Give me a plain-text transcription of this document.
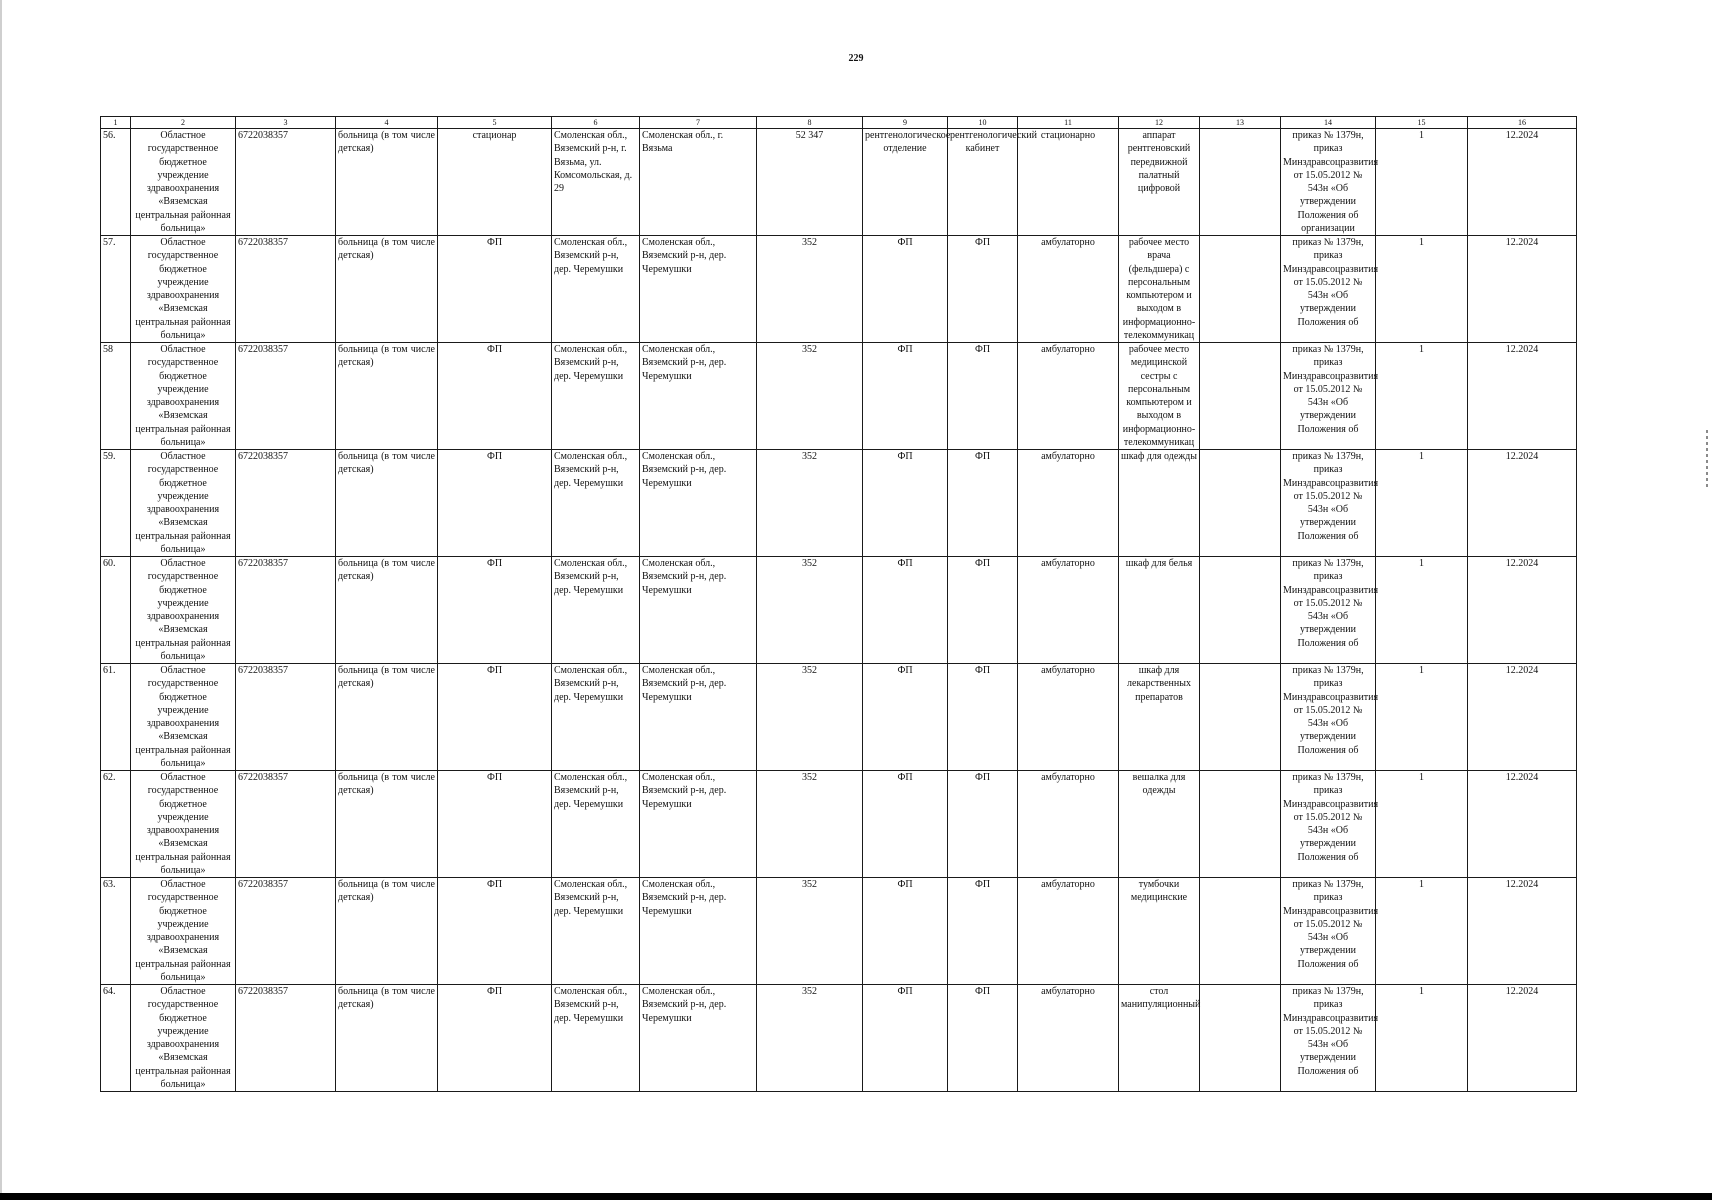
229
1	2	3	4	5	6	7	8	9	10	11	12	13	14	15	16

56.	Областное государственное бюджетное учреждение здравоохранения «Вяземская центральная районная больница»	6722038357	больница (в том числе детская)	стационар	Смоленская обл., Вяземский р-н, г. Вязьма, ул. Комсомольская, д. 29	Смоленская обл., г. Вязьма	52 347	рентгенологическое отделение	рентгенологический кабинет	стационарно	аппарат рентгеновский передвижной палатный цифровой		приказ № 1379н, приказ Минздравсоцразвития от 15.05.2012 № 543н «Об утверждении Положения об организации	1	12.2024

57.	Областное государственное бюджетное учреждение здравоохранения «Вяземская центральная районная больница»	6722038357	больница (в том числе детская)	ФП	Смоленская обл., Вяземский р-н, дер. Черемушки	Смоленская обл., Вяземский р-н, дер. Черемушки	352	ФП	ФП	амбулаторно	рабочее место врача (фельдшера) с персональным компьютером и выходом в информационно-телекоммуникац		приказ № 1379н, приказ Минздравсоцразвития от 15.05.2012 № 543н «Об утверждении Положения об	1	12.2024

58	Областное государственное бюджетное учреждение здравоохранения «Вяземская центральная районная больница»	6722038357	больница (в том числе детская)	ФП	Смоленская обл., Вяземский р-н, дер. Черемушки	Смоленская обл., Вяземский р-н, дер. Черемушки	352	ФП	ФП	амбулаторно	рабочее место медицинской сестры с персональным компьютером и выходом в информационно-телекоммуникац		приказ № 1379н, приказ Минздравсоцразвития от 15.05.2012 № 543н «Об утверждении Положения об	1	12.2024

59.	Областное государственное бюджетное учреждение здравоохранения «Вяземская центральная районная больница»	6722038357	больница (в том числе детская)	ФП	Смоленская обл., Вяземский р-н, дер. Черемушки	Смоленская обл., Вяземский р-н, дер. Черемушки	352	ФП	ФП	амбулаторно	шкаф для одежды		приказ № 1379н, приказ Минздравсоцразвития от 15.05.2012 № 543н «Об утверждении Положения об	1	12.2024

60.	Областное государственное бюджетное учреждение здравоохранения «Вяземская центральная районная больница»	6722038357	больница (в том числе детская)	ФП	Смоленская обл., Вяземский р-н, дер. Черемушки	Смоленская обл., Вяземский р-н, дер. Черемушки	352	ФП	ФП	амбулаторно	шкаф для белья		приказ № 1379н, приказ Минздравсоцразвития от 15.05.2012 № 543н «Об утверждении Положения об	1	12.2024

61.	Областное государственное бюджетное учреждение здравоохранения «Вяземская центральная районная больница»	6722038357	больница (в том числе детская)	ФП	Смоленская обл., Вяземский р-н, дер. Черемушки	Смоленская обл., Вяземский р-н, дер. Черемушки	352	ФП	ФП	амбулаторно	шкаф для лекарственных препаратов		приказ № 1379н, приказ Минздравсоцразвития от 15.05.2012 № 543н «Об утверждении Положения об	1	12.2024

62.	Областное государственное бюджетное учреждение здравоохранения «Вяземская центральная районная больница»	6722038357	больница (в том числе детская)	ФП	Смоленская обл., Вяземский р-н, дер. Черемушки	Смоленская обл., Вяземский р-н, дер. Черемушки	352	ФП	ФП	амбулаторно	вешалка для одежды		приказ № 1379н, приказ Минздравсоцразвития от 15.05.2012 № 543н «Об утверждении Положения об	1	12.2024

63.	Областное государственное бюджетное учреждение здравоохранения «Вяземская центральная районная больница»	6722038357	больница (в том числе детская)	ФП	Смоленская обл., Вяземский р-н, дер. Черемушки	Смоленская обл., Вяземский р-н, дер. Черемушки	352	ФП	ФП	амбулаторно	тумбочки медицинские		приказ № 1379н, приказ Минздравсоцразвития от 15.05.2012 № 543н «Об утверждении Положения об	1	12.2024

64.	Областное государственное бюджетное учреждение здравоохранения «Вяземская центральная районная больница»	6722038357	больница (в том числе детская)	ФП	Смоленская обл., Вяземский р-н, дер. Черемушки	Смоленская обл., Вяземский р-н, дер. Черемушки	352	ФП	ФП	амбулаторно	стол манипуляционный		приказ № 1379н, приказ Минздравсоцразвития от 15.05.2012 № 543н «Об утверждении Положения об	1	12.2024
